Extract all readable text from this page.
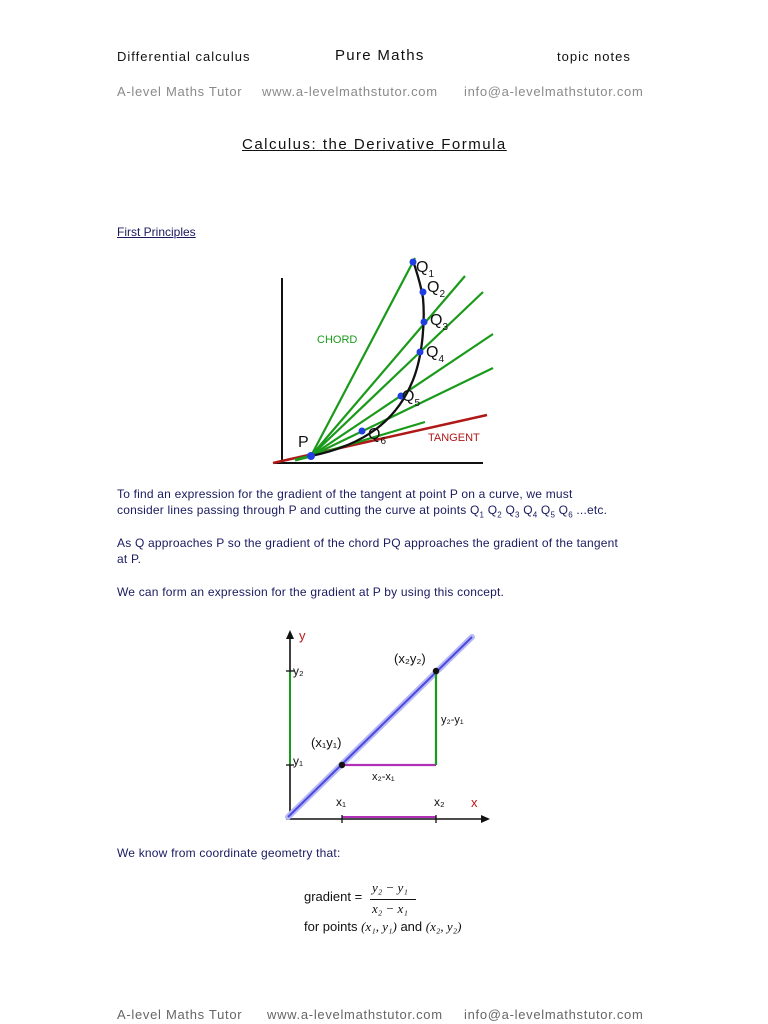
Differential calculus	Pure Maths	topic notes
A-level Maths Tutor www.a-levelmathstutor.com info@a-levelmathstutor.com
Calculus: the Derivative Formula
First Principles
CHORD
TANGENT
P
$Q_1$
$Q_2$
$Q_3$
$Q_4$
$Q_5$
$Q_6$
To find an expression for the gradient of the tangent at point P on a curve, we must
consider lines passing through P and cutting the curve at points $Q_1$ $Q_2$ $Q_3$ $Q_4$ $Q_5$ $Q_6$ ...etc.
As Q approaches P so the gradient of the chord PQ approaches the gradient of the tangent
at P.
We can form an expression for the gradient at P by using this concept.
y
x
y₂
y₁
x₁	x₂
(x₂y₂)
(x₁y₁)
x₂-x₁
y₂-y₁
We know from coordinate geometry that:
gradient =
y₂ − y₁
x₂ − x₁
for points (x₁, y₁) and (x₂, y₂)
A-level Maths Tutor www.a-levelmathstutor.com info@a-levelmathstutor.com
